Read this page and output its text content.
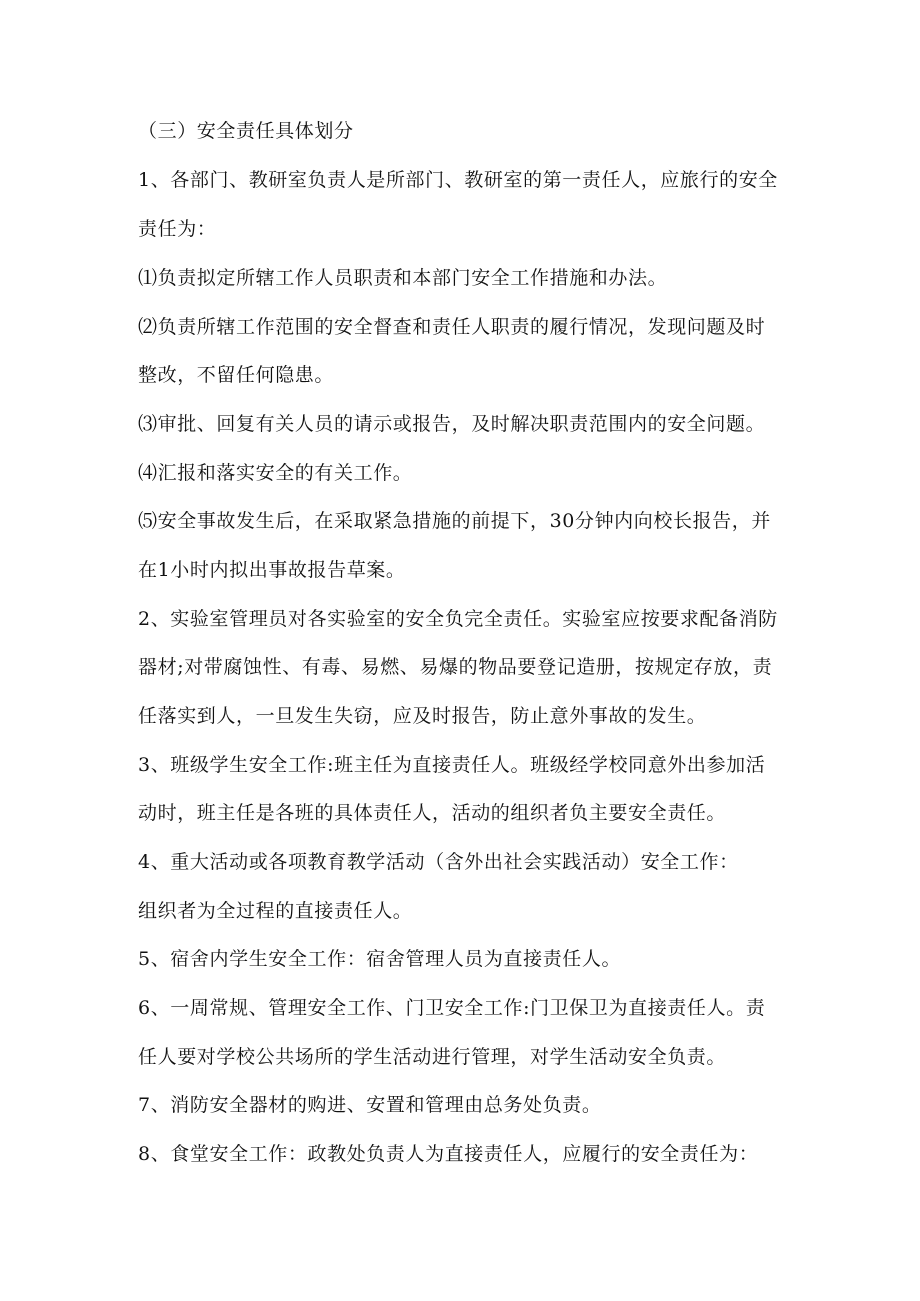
（三）安全责任具体划分
1、各部门、教研室负责人是所部门、教研室的第一责任人，应旅行的安全
责任为：
⑴负责拟定所辖工作人员职责和本部门安全工作措施和办法。
⑵负责所辖工作范围的安全督查和责任人职责的履行情况，发现问题及时
整改，不留任何隐患。
⑶审批、回复有关人员的请示或报告，及时解决职责范围内的安全问题。
⑷汇报和落实安全的有关工作。
⑸安全事故发生后，在采取紧急措施的前提下，30分钟内向校长报告，并
在1小时内拟出事故报告草案。
2、实验室管理员对各实验室的安全负完全责任。实验室应按要求配备消防
器材;对带腐蚀性、有毒、易燃、易爆的物品要登记造册，按规定存放，责
任落实到人，一旦发生失窃，应及时报告，防止意外事故的发生。
3、班级学生安全工作:班主任为直接责任人。班级经学校同意外出参加活
动时，班主任是各班的具体责任人，活动的组织者负主要安全责任。
4、重大活动或各项教育教学活动（含外出社会实践活动）安全工作：
组织者为全过程的直接责任人。
5、宿舍内学生安全工作：宿舍管理人员为直接责任人。
6、一周常规、管理安全工作、门卫安全工作:门卫保卫为直接责任人。责
任人要对学校公共场所的学生活动进行管理，对学生活动安全负责。
7、消防安全器材的购进、安置和管理由总务处负责。
8、食堂安全工作：政教处负责人为直接责任人，应履行的安全责任为：
